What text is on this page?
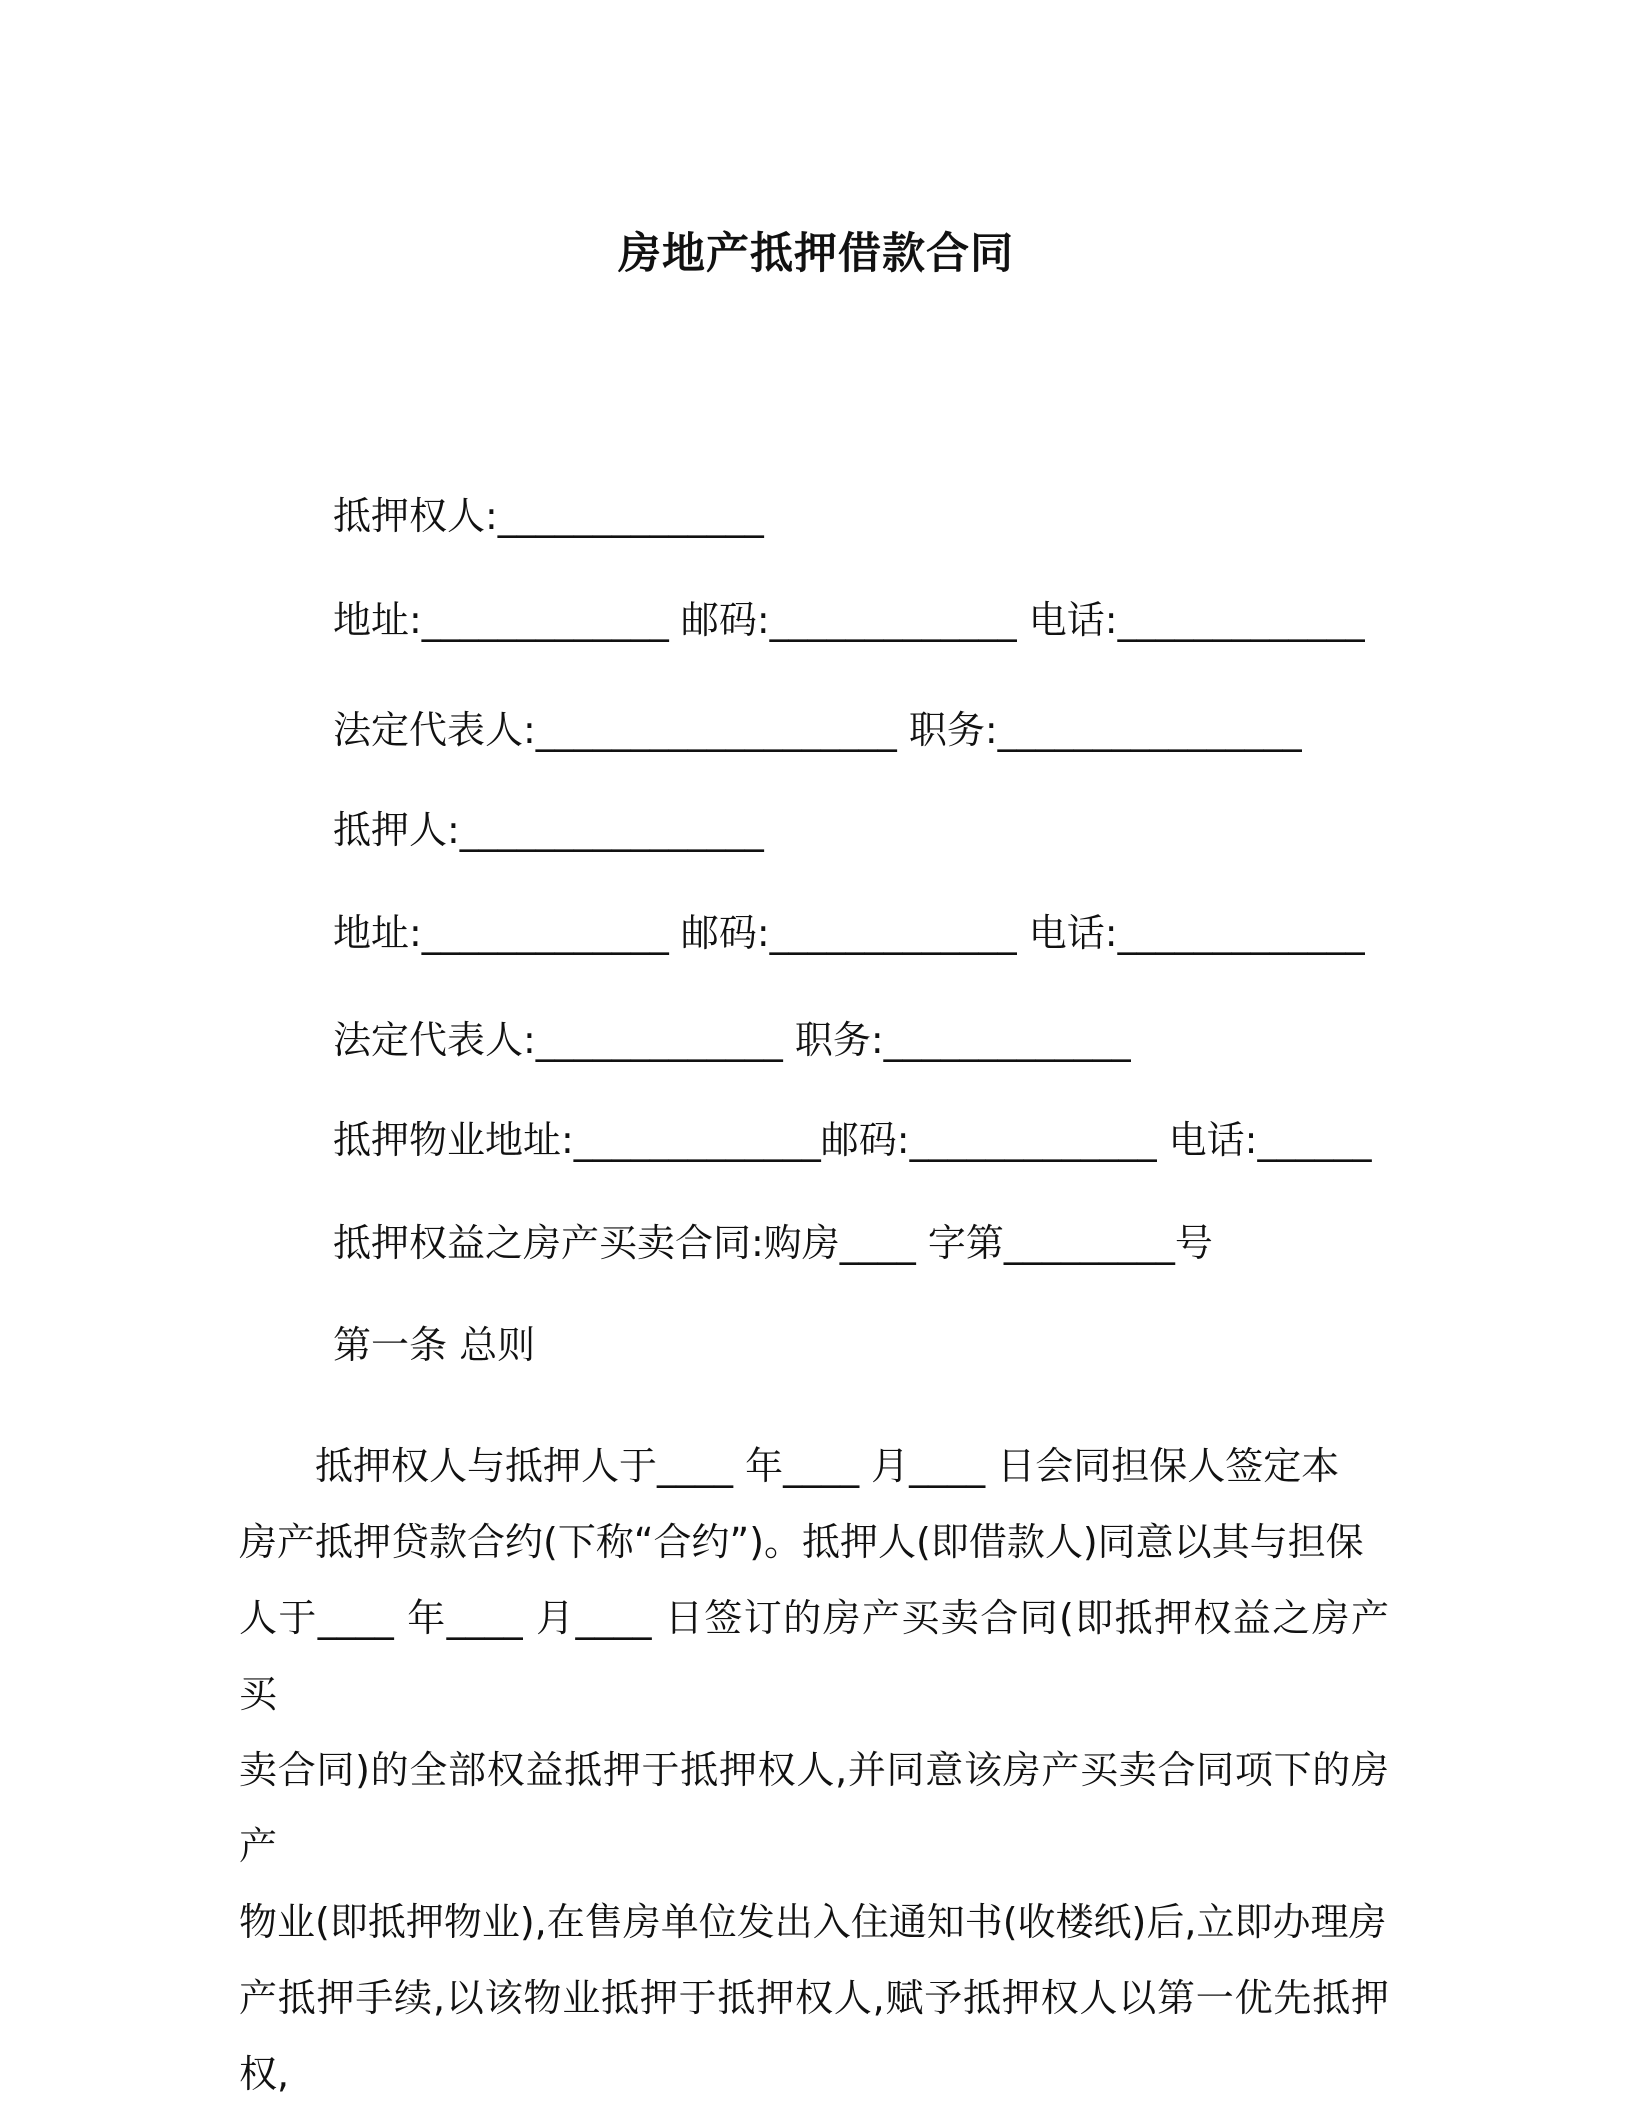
房地产抵押借款合同

抵押权人:______________

地址:_____________ 邮码:_____________ 电话:_____________

法定代表人:___________________ 职务:________________

抵押人:________________

地址:_____________ 邮码:_____________ 电话:_____________

法定代表人:_____________ 职务:_____________

抵押物业地址:_____________邮码:_____________ 电话:______

抵押权益之房产买卖合同:购房____ 字第_________号

第一条 总则

　　抵押权人与抵押人于____ 年____ 月____ 日会同担保人签定本

房产抵押贷款合约(下称“合约”)。抵押人(即借款人)同意以其与担保

人于____ 年____ 月____ 日签订的房产买卖合同(即抵押权益之房产买

卖合同)的全部权益抵押于抵押权人,并同意该房产买卖合同项下的房产

物业(即抵押物业),在售房单位发出入住通知书(收楼纸)后,立即办理房

产抵押手续,以该物业抵押于抵押权人,赋予抵押权人以第一优先抵押权,
